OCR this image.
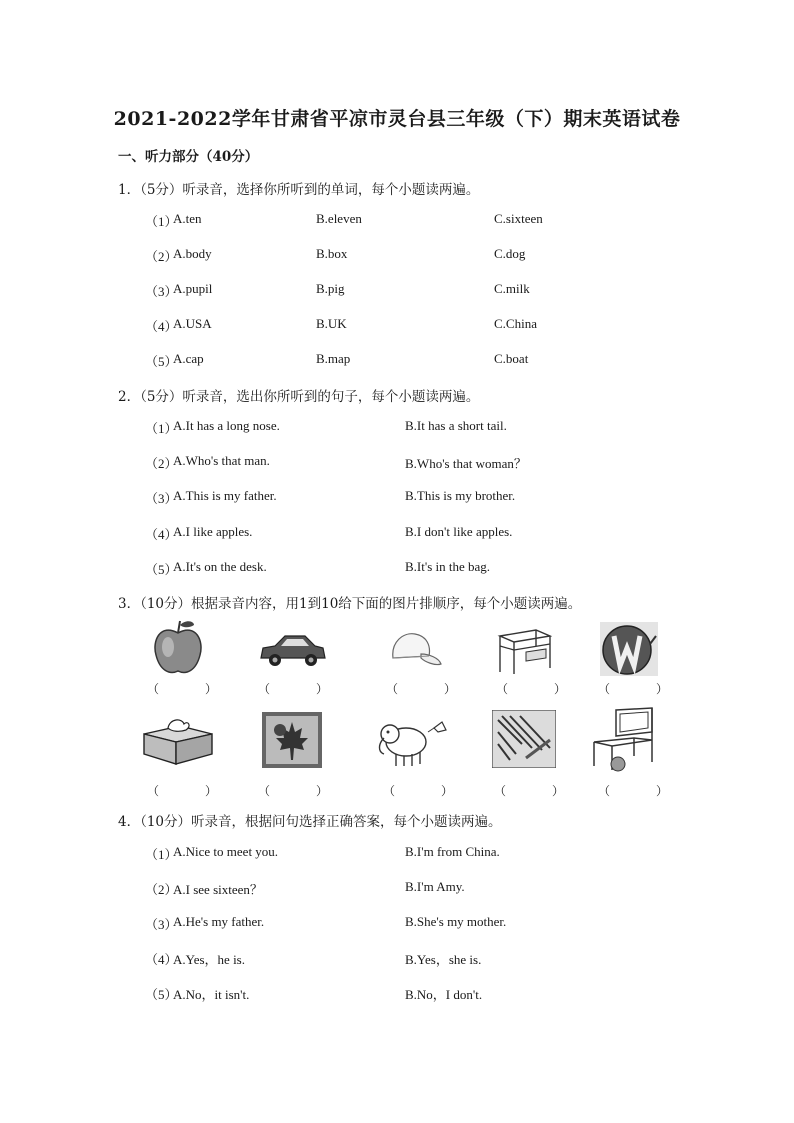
2021-2022学年甘肃省平凉市灵台县三年级（下）期末英语试卷
一、听力部分（40分）
1．（5分）听录音，选择你所听到的单词，每个小题读两遍。
（1）
A.ten	B.eleven	C.sixteen
（2）
A.body	B.box	C.dog
（3）
A.pupil	B.pig	C.milk
（4）
A.USA	B.UK	C.China
（5）
A.cap	B.map	C.boat
2．（5分）听录音，选出你所听到的句子，每个小题读两遍。
（1）
A.It has a long nose.	B.It has a short tail.
（2）
A.Who's that man.	B.Who's that woman？
（3）
A.This is my father.	B.This is my brother.
（4）
A.I like apples.	B.I don't like apples.
（5）
A.It's on the desk.	B.It's in the bag.
3．（10分）根据录音内容，用1到10给下面的图片排顺序，每个小题读两遍。
（	）	（	）	（	）	（	）	（	）
（	）	（	）	（	）	（	）	（	）
4．（10分）听录音，根据问句选择正确答案，每个小题读两遍。
（1）
A.Nice to meet you.	B.I'm from China.
（2）
A.I see sixteen？	B.I'm Amy.
（3）
A.He's my father.	B.She's my mother.
（4）
A.Yes，he is.	B.Yes，she is.
（5）
A.No，it isn't.	B.No，I don't.
